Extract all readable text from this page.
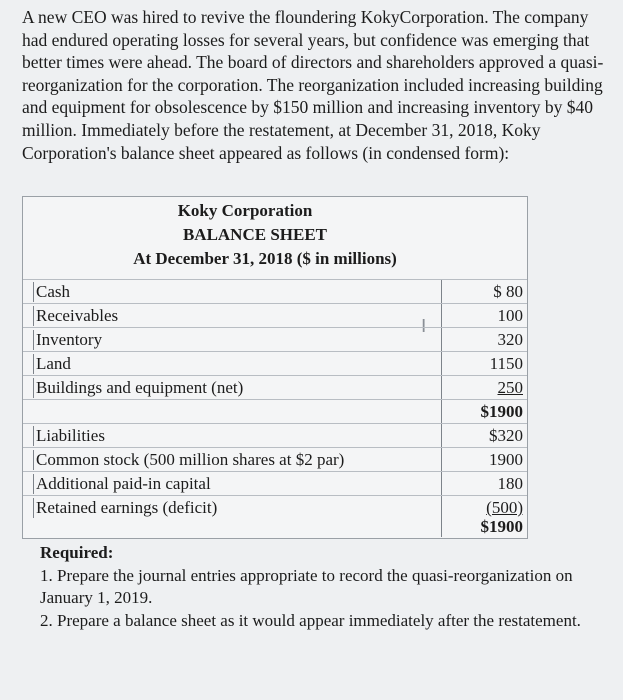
A new CEO was hired to revive the floundering KokyCorporation. The company had endured operating losses for several years, but confidence was emerging that better times were ahead. The board of directors and shareholders approved a quasi-reorganization for the corporation. The reorganization included increasing building and equipment for obsolescence by $150 million and increasing inventory by $40 million. Immediately before the restatement, at December 31, 2018, Koky Corporation's balance sheet appeared as follows (in condensed form):

Koky Corporation
BALANCE SHEET
At December 31, 2018 ($ in millions)
I
Cash	$ 80
Receivables	100
Inventory	320
Land	1150
Buildings and equipment (net)	250
$1900
Liabilities	$320
Common stock (500 million shares at $2 par)	1900
Additional paid-in capital	180
Retained earnings (deficit)	(500)
$1900

Required:

1. Prepare the journal entries appropriate to record the quasi-reorganization on January 1, 2019.

2. Prepare a balance sheet as it would appear immediately after the restatement.
